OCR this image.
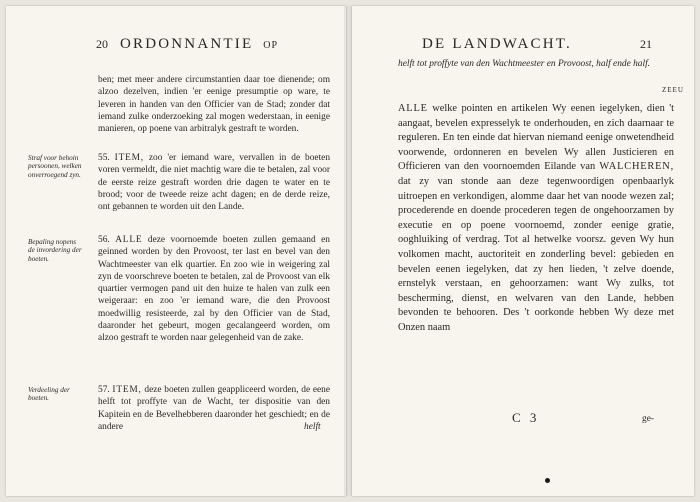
20 ORDONNANTIE OP

ben; met meer andere circumstantien daar toe dienende; om alzoo dezelven, indien 'er eenige presumptie op ware, te leveren in handen van den Officier van de Stad; zonder dat iemand zulke onderzoeking zal mogen wederstaan, in eenige manieren, op poene van arbitralyk gestraft te worden.

Straf voor behoin persoonen, welken onverroegend zyn.

55. ITEM, zoo 'er iemand ware, vervallen in de boeten voren vermeldt, die niet machtig ware die te betalen, zal voor de eerste reize gestraft worden drie dagen te water en te brood; voor de tweede reize acht dagen; en de derde reize, ont gebannen te worden uit den Lande.

Bepaling nopens de invordering der boeten.

56. ALLE deze voornoemde boeten zullen gemaand en geinned worden by den Provoost, ter last en bevel van den Wachtmeester van elk quartier. En zoo wie in weigering zal zyn de voorschreve boeten te betalen, zal de Provoost van elk quartier vermogen pand uit den huize te halen van zulk een weigeraar: en zoo 'er iemand ware, die den Provoost moedwillig resisteerde, zal by den Officier van de Stad, daaronder het gebeurt, mogen gecalangeerd worden, om alzoo gestraft te worden naar gelegenheid van de zake.

Verdeeling der boeten.

57. ITEM, deze boeten zullen geappliceerd worden, de eene helft tot proffyte van de Wacht, ter dispositie van den Kapitein en de Bevelhebberen daaronder het geschiedt; en de andere	helft
DE LANDWACHT.	21
ZEEU

helft tot proffyte van den Wachtmeester en Provoost, half ende half.

ALLE welke pointen en artikelen Wy eenen iegelyken, dien 't aangaat, bevelen expresselyk te onderhouden, en zich daarnaar te reguleren. En ten einde dat hiervan niemand eenige onwetendheid voorwende, ordonneren en bevelen Wy allen Justicieren en Officieren van den voornoemden Eilande van WALCHEREN, dat zy van stonde aan deze tegenwoordigen openbaarlyk uitroepen en verkondigen, alomme daar het van noode wezen zal; procederende en doende procederen tegen de ongehoorzamen by executie en op poene voornoemd, zonder eenige gratie, ooghluiking of verdrag. Tot al hetwelke voorsz. geven Wy hun volkomen macht, auctoriteit en zonderling bevel: gebieden en bevelen eenen iegelyken, dat zy hen lieden, 't zelve doende, ernstelyk verstaan, en gehoorzamen: want Wy zulks, tot bescherming, dienst, en welvaren van den Lande, hebben bevonden te behooren. Des 't oorkonde hebben Wy deze met Onzen naam

C 3	ge-
